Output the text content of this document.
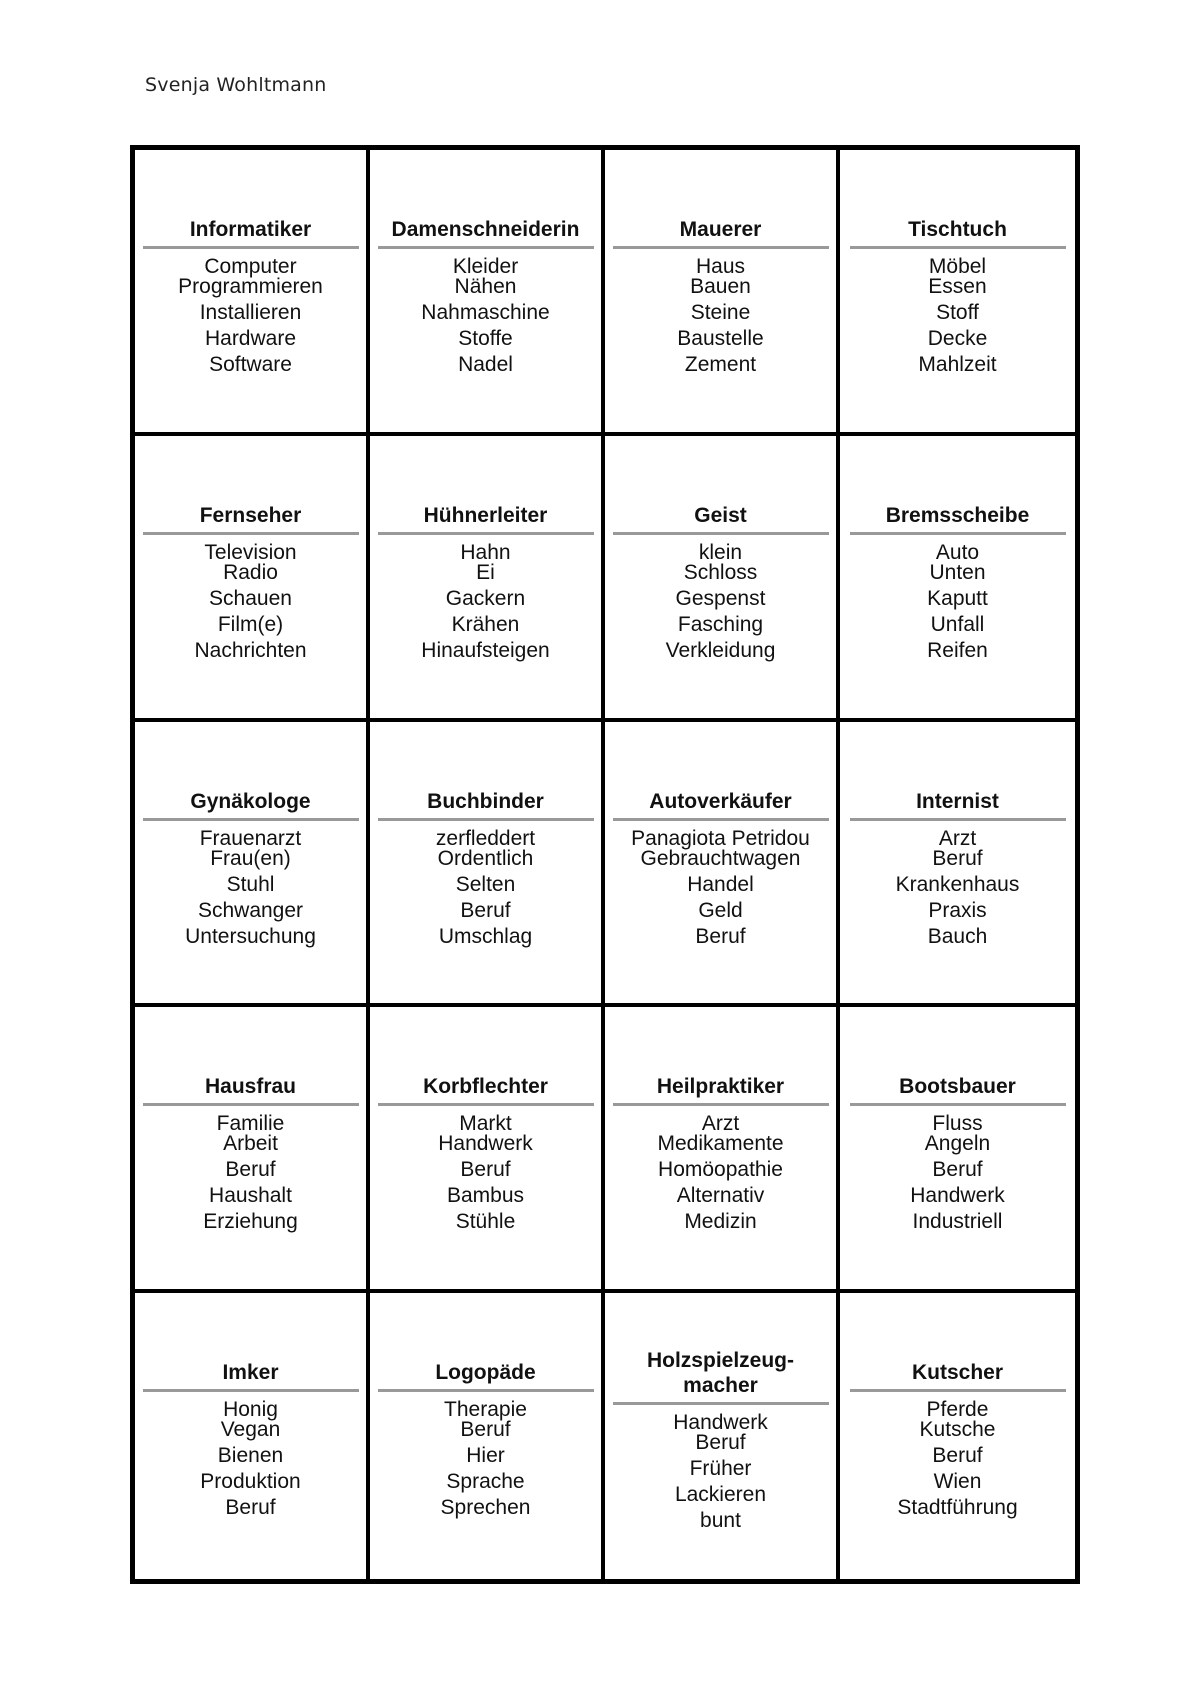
Svenja Wohltmann
Informatiker
Computer
Programmieren
Installieren
Hardware
Software
Damenschneiderin
Kleider
Nähen
Nahmaschine
Stoffe
Nadel
Mauerer
Haus
Bauen
Steine
Baustelle
Zement
Tischtuch
Möbel
Essen
Stoff
Decke
Mahlzeit
Fernseher
Television
Radio
Schauen
Film(e)
Nachrichten
Hühnerleiter
Hahn
Ei
Gackern
Krähen
Hinaufsteigen
Geist
klein
Schloss
Gespenst
Fasching
Verkleidung
Bremsscheibe
Auto
Unten
Kaputt
Unfall
Reifen
Gynäkologe
Frauenarzt
Frau(en)
Stuhl
Schwanger
Untersuchung
Buchbinder
zerfleddert
Ordentlich
Selten
Beruf
Umschlag
Autoverkäufer
Panagiota Petridou
Gebrauchtwagen
Handel
Geld
Beruf
Internist
Arzt
Beruf
Krankenhaus
Praxis
Bauch
Hausfrau
Familie
Arbeit
Beruf
Haushalt
Erziehung
Korbflechter
Markt
Handwerk
Beruf
Bambus
Stühle
Heilpraktiker
Arzt
Medikamente
Homöopathie
Alternativ
Medizin
Bootsbauer
Fluss
Angeln
Beruf
Handwerk
Industriell
Imker
Honig
Vegan
Bienen
Produktion
Beruf
Logopäde
Therapie
Beruf
Hier
Sprache
Sprechen
Holzspielzeug-
macher
Handwerk
Beruf
Früher
Lackieren
bunt
Kutscher
Pferde
Kutsche
Beruf
Wien
Stadtführung
